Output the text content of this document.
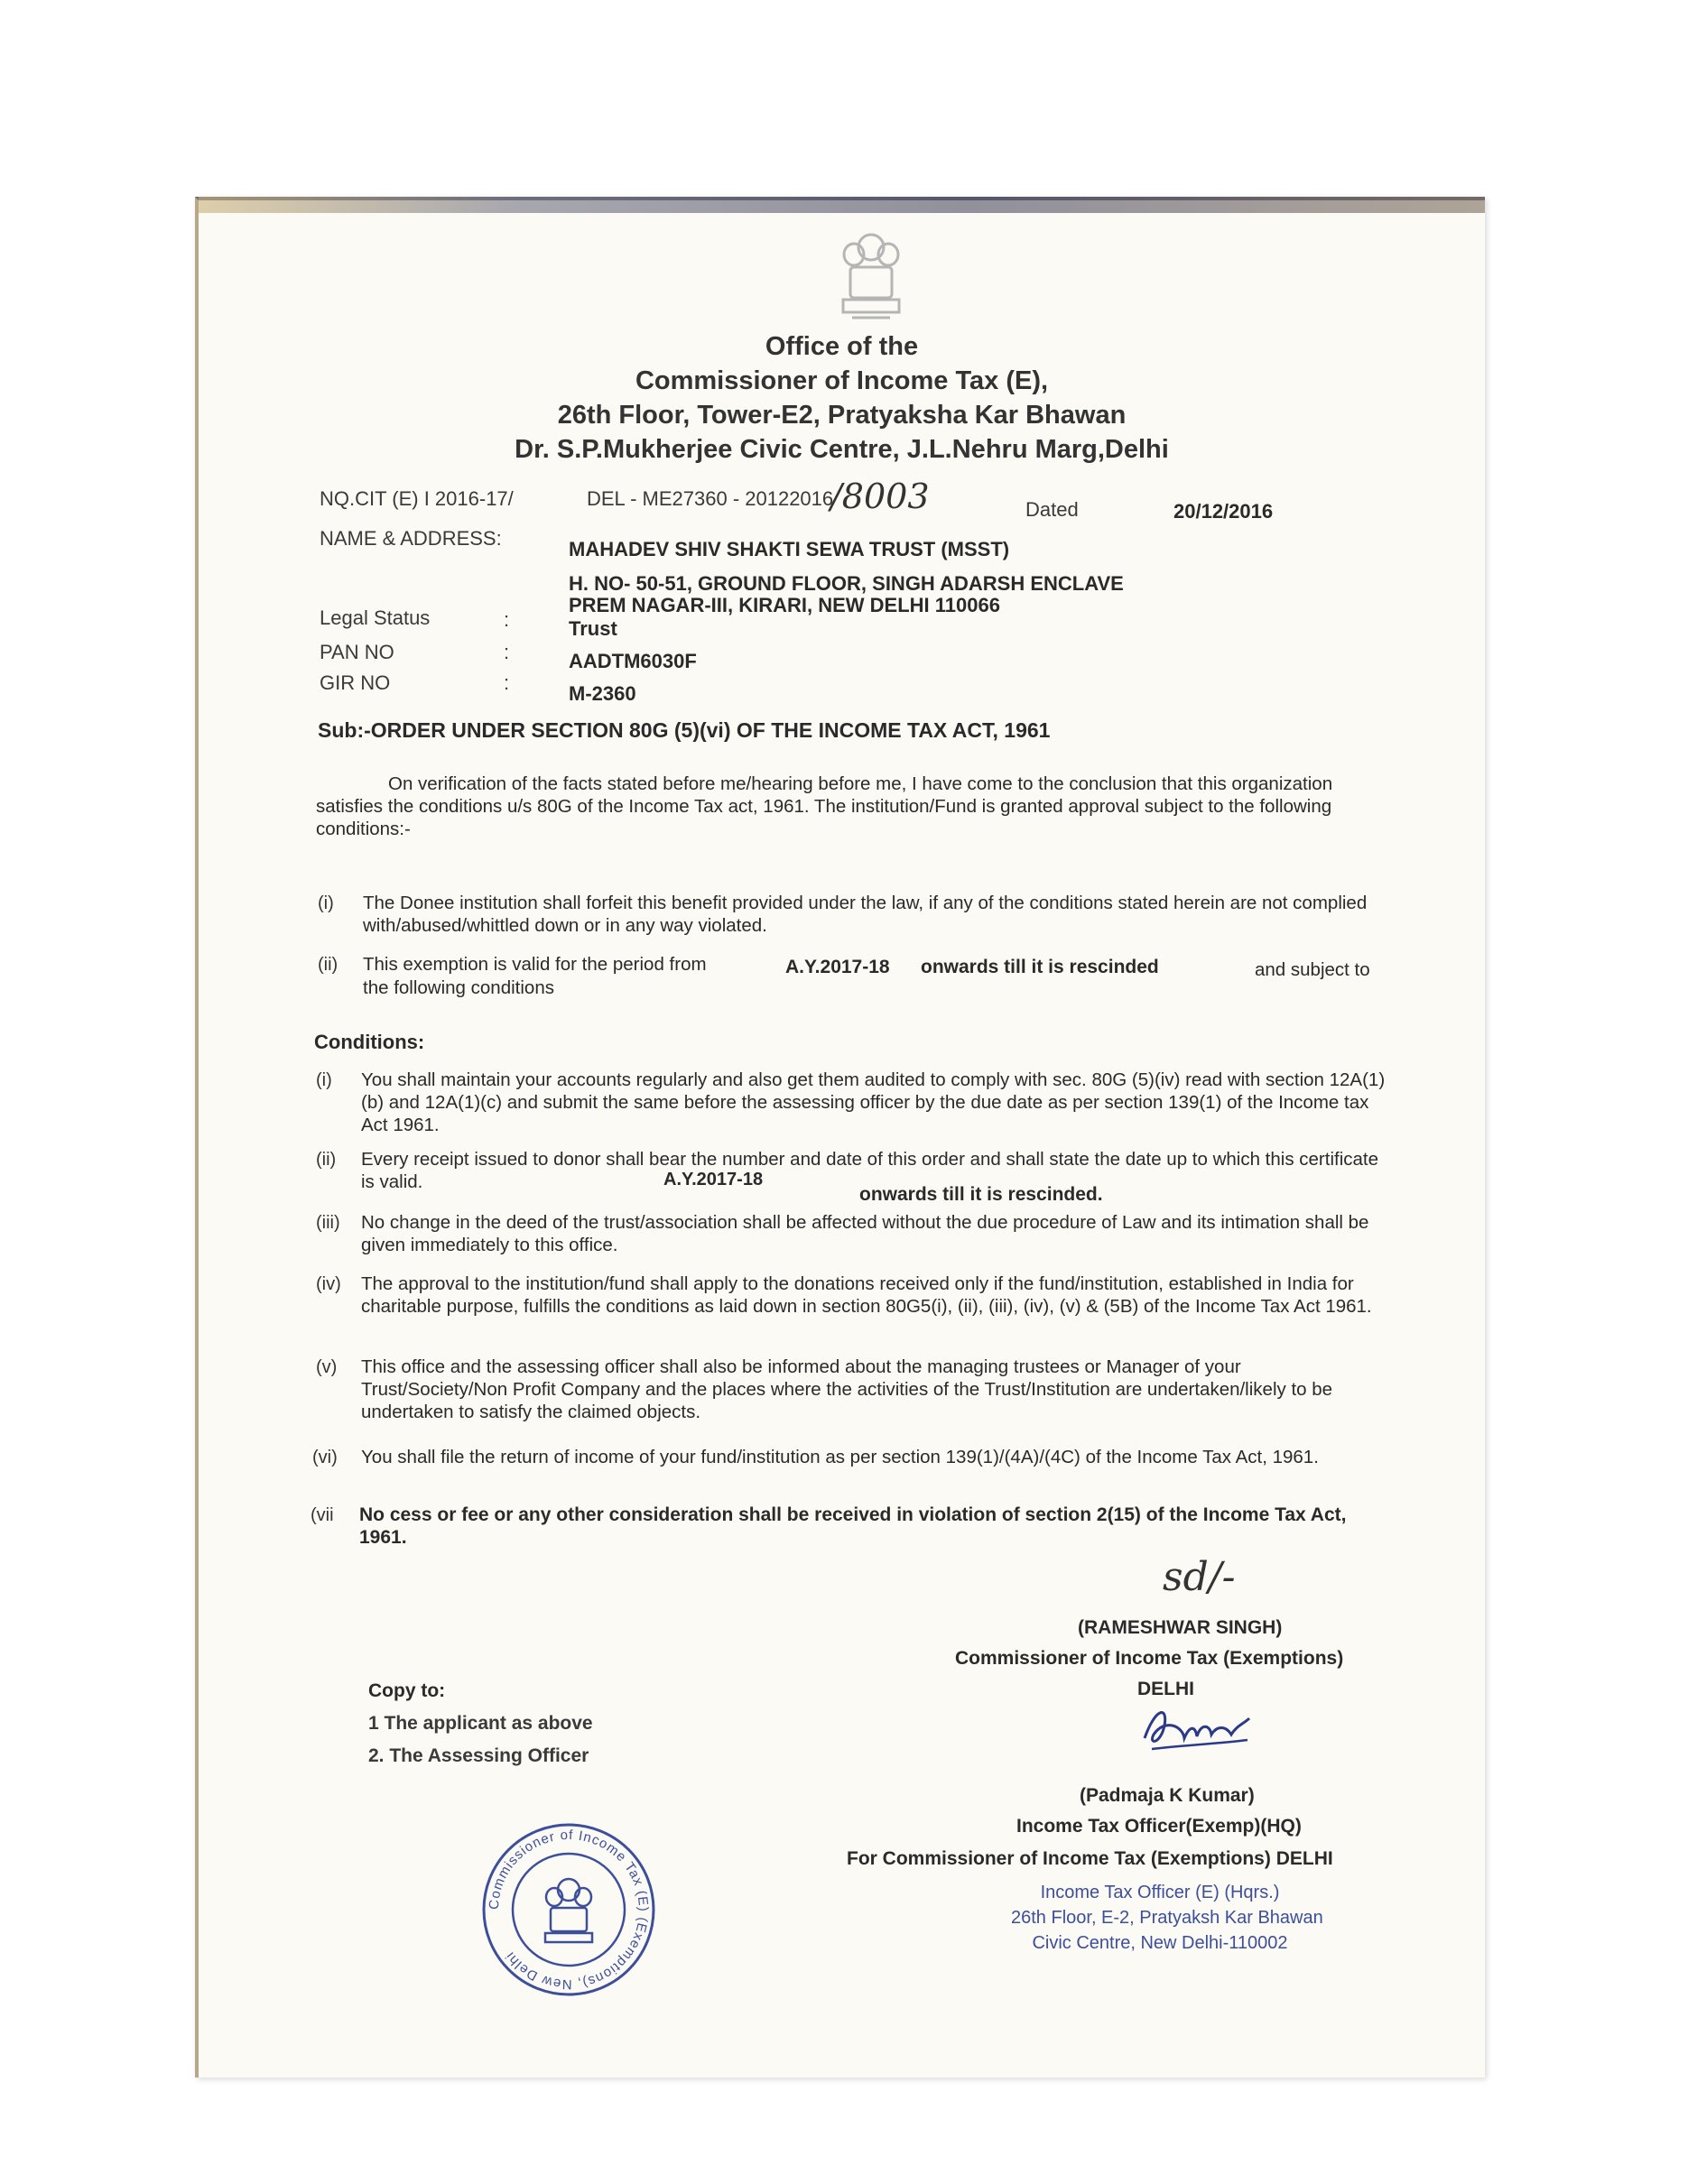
Office of the
Commissioner of Income Tax (E),
26th Floor, Tower-E2, Pratyaksha Kar Bhawan
Dr. S.P.Mukherjee Civic Centre, J.L.Nehru Marg,Delhi
NQ.CIT (E) I 2016-17/	DEL - ME27360 - 20122016
/8003	Dated	20/12/2016
NAME & ADDRESS:	MAHADEV SHIV SHAKTI SEWA TRUST (MSST)
H. NO- 50-51, GROUND FLOOR, SINGH ADARSH ENCLAVE
PREM NAGAR-III, KIRARI, NEW DELHI 110066
Legal Status	:	Trust
PAN NO	:	AADTM6030F
GIR NO	:	M-2360
Sub:-ORDER UNDER SECTION 80G (5)(vi) OF THE INCOME TAX ACT, 1961
On verification of the facts stated before me/hearing before me, I have come to the conclusion that this organization satisfies the conditions u/s 80G of the Income Tax act, 1961. The institution/Fund is granted approval subject to the following conditions:-
(i) The Donee institution shall forfeit this benefit provided under the law, if any of the conditions stated herein are not complied with/abused/whittled down or in any way violated.
(ii) This exemption is valid for the period from	A.Y.2017-18 onwards till it is rescinded	and subject to
the following conditions
Conditions:
(i) You shall maintain your accounts regularly and also get them audited to comply with sec. 80G (5)(iv) read with section 12A(1)(b) and 12A(1)(c) and submit the same before the assessing officer by the due date as per section 139(1) of the Income tax Act 1961.
(ii) Every receipt issued to donor shall bear the number and date of this order and shall state the date up to which this certificate is valid.	A.Y.2017-18
onwards till it is rescinded.
(iii) No change in the deed of the trust/association shall be affected without the due procedure of Law and its intimation shall be given immediately to this office.
(iv) The approval to the institution/fund shall apply to the donations received only if the fund/institution, established in India for charitable purpose, fulfills the conditions as laid down in section 80G5(i), (ii), (iii), (iv), (v) & (5B) of the Income Tax Act 1961.
(v) This office and the assessing officer shall also be informed about the managing trustees or Manager of your Trust/Society/Non Profit Company and the places where the activities of the Trust/Institution are undertaken/likely to be undertaken to satisfy the claimed objects.
(vi) You shall file the return of income of your fund/institution as per section 139(1)/(4A)/(4C) of the Income Tax Act, 1961.
(vii No cess or fee or any other consideration shall be received in violation of section 2(15) of the Income Tax Act, 1961.
sd/-
(RAMESHWAR SINGH)
Commissioner of Income Tax (Exemptions)
DELHI
Copy to:
1 The applicant as above
2. The Assessing Officer
(Padmaja K Kumar)
Income Tax Officer(Exemp)(HQ)
For Commissioner of Income Tax (Exemptions) DELHI
Income Tax Officer (E) (Hqrs.)
26th Floor, E-2, Pratyaksh Kar Bhawan
Civic Centre, New Delhi-110002
Commissioner of Income Tax (E) (Exemptions), New Delhi
